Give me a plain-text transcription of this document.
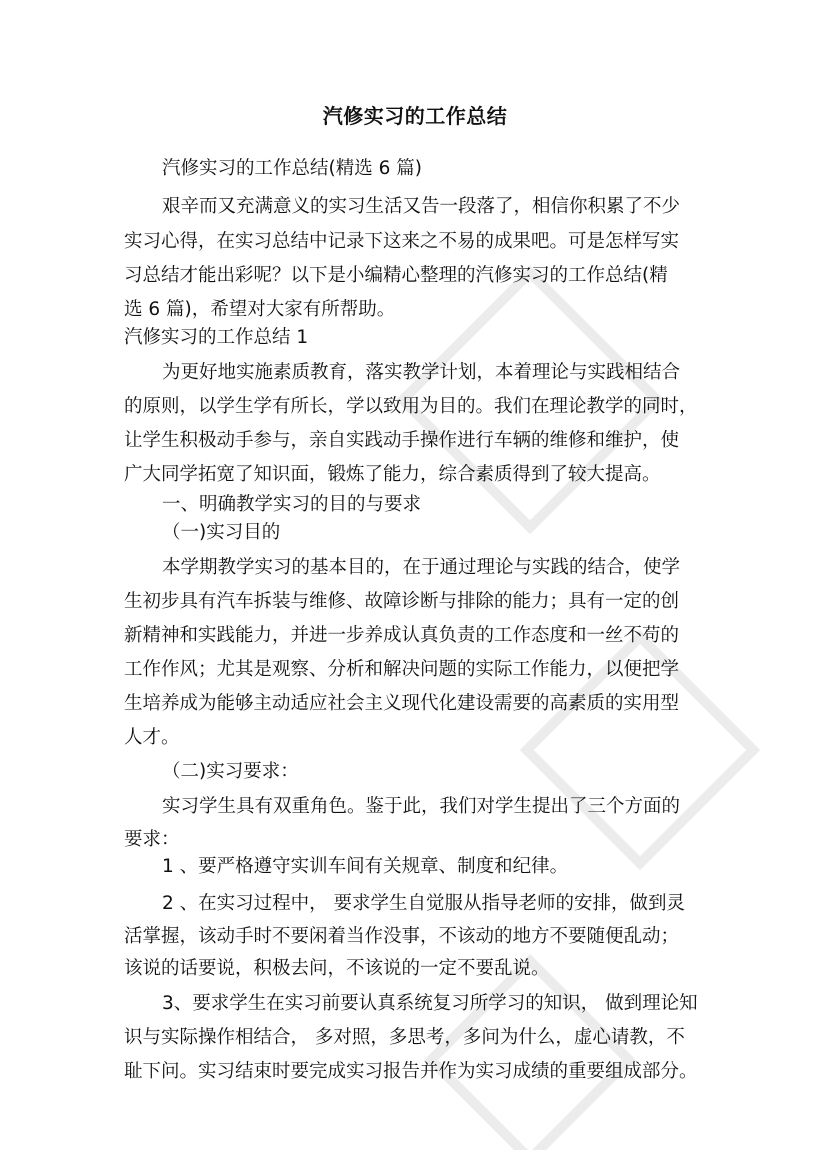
汽修实习的工作总结
汽修实习的工作总结(精选 6 篇)
艰辛而又充满意义的实习生活又告一段落了，相信你积累了不少
实习心得，在实习总结中记录下这来之不易的成果吧。可是怎样写实
习总结才能出彩呢？以下是小编精心整理的汽修实习的工作总结(精
选 6 篇)，希望对大家有所帮助。
汽修实习的工作总结 1
为更好地实施素质教育，落实教学计划，本着理论与实践相结合
的原则，以学生学有所长，学以致用为目的。我们在理论教学的同时，
让学生积极动手参与，亲自实践动手操作进行车辆的维修和维护，使
广大同学拓宽了知识面，锻炼了能力，综合素质得到了较大提高。
一、明确教学实习的目的与要求
（一)实习目的
本学期教学实习的基本目的，在于通过理论与实践的结合，使学
生初步具有汽车拆装与维修、故障诊断与排除的能力；具有一定的创
新精神和实践能力，并进一步养成认真负责的工作态度和一丝不苟的
工作作风；尤其是观察、分析和解决问题的实际工作能力，以便把学
生培养成为能够主动适应社会主义现代化建设需要的高素质的实用型
人才。
（二)实习要求：
实习学生具有双重角色。鉴于此，我们对学生提出了三个方面的
要求：
1 、要严格遵守实训车间有关规章、制度和纪律。
2 、在实习过程中， 要求学生自觉服从指导老师的安排，做到灵
活掌握，该动手时不要闲着当作没事，不该动的地方不要随便乱动；
该说的话要说，积极去问，不该说的一定不要乱说。
3、要求学生在实习前要认真系统复习所学习的知识， 做到理论知
识与实际操作相结合， 多对照，多思考，多问为什么，虚心请教，不
耻下问。实习结束时要完成实习报告并作为实习成绩的重要组成部分。
